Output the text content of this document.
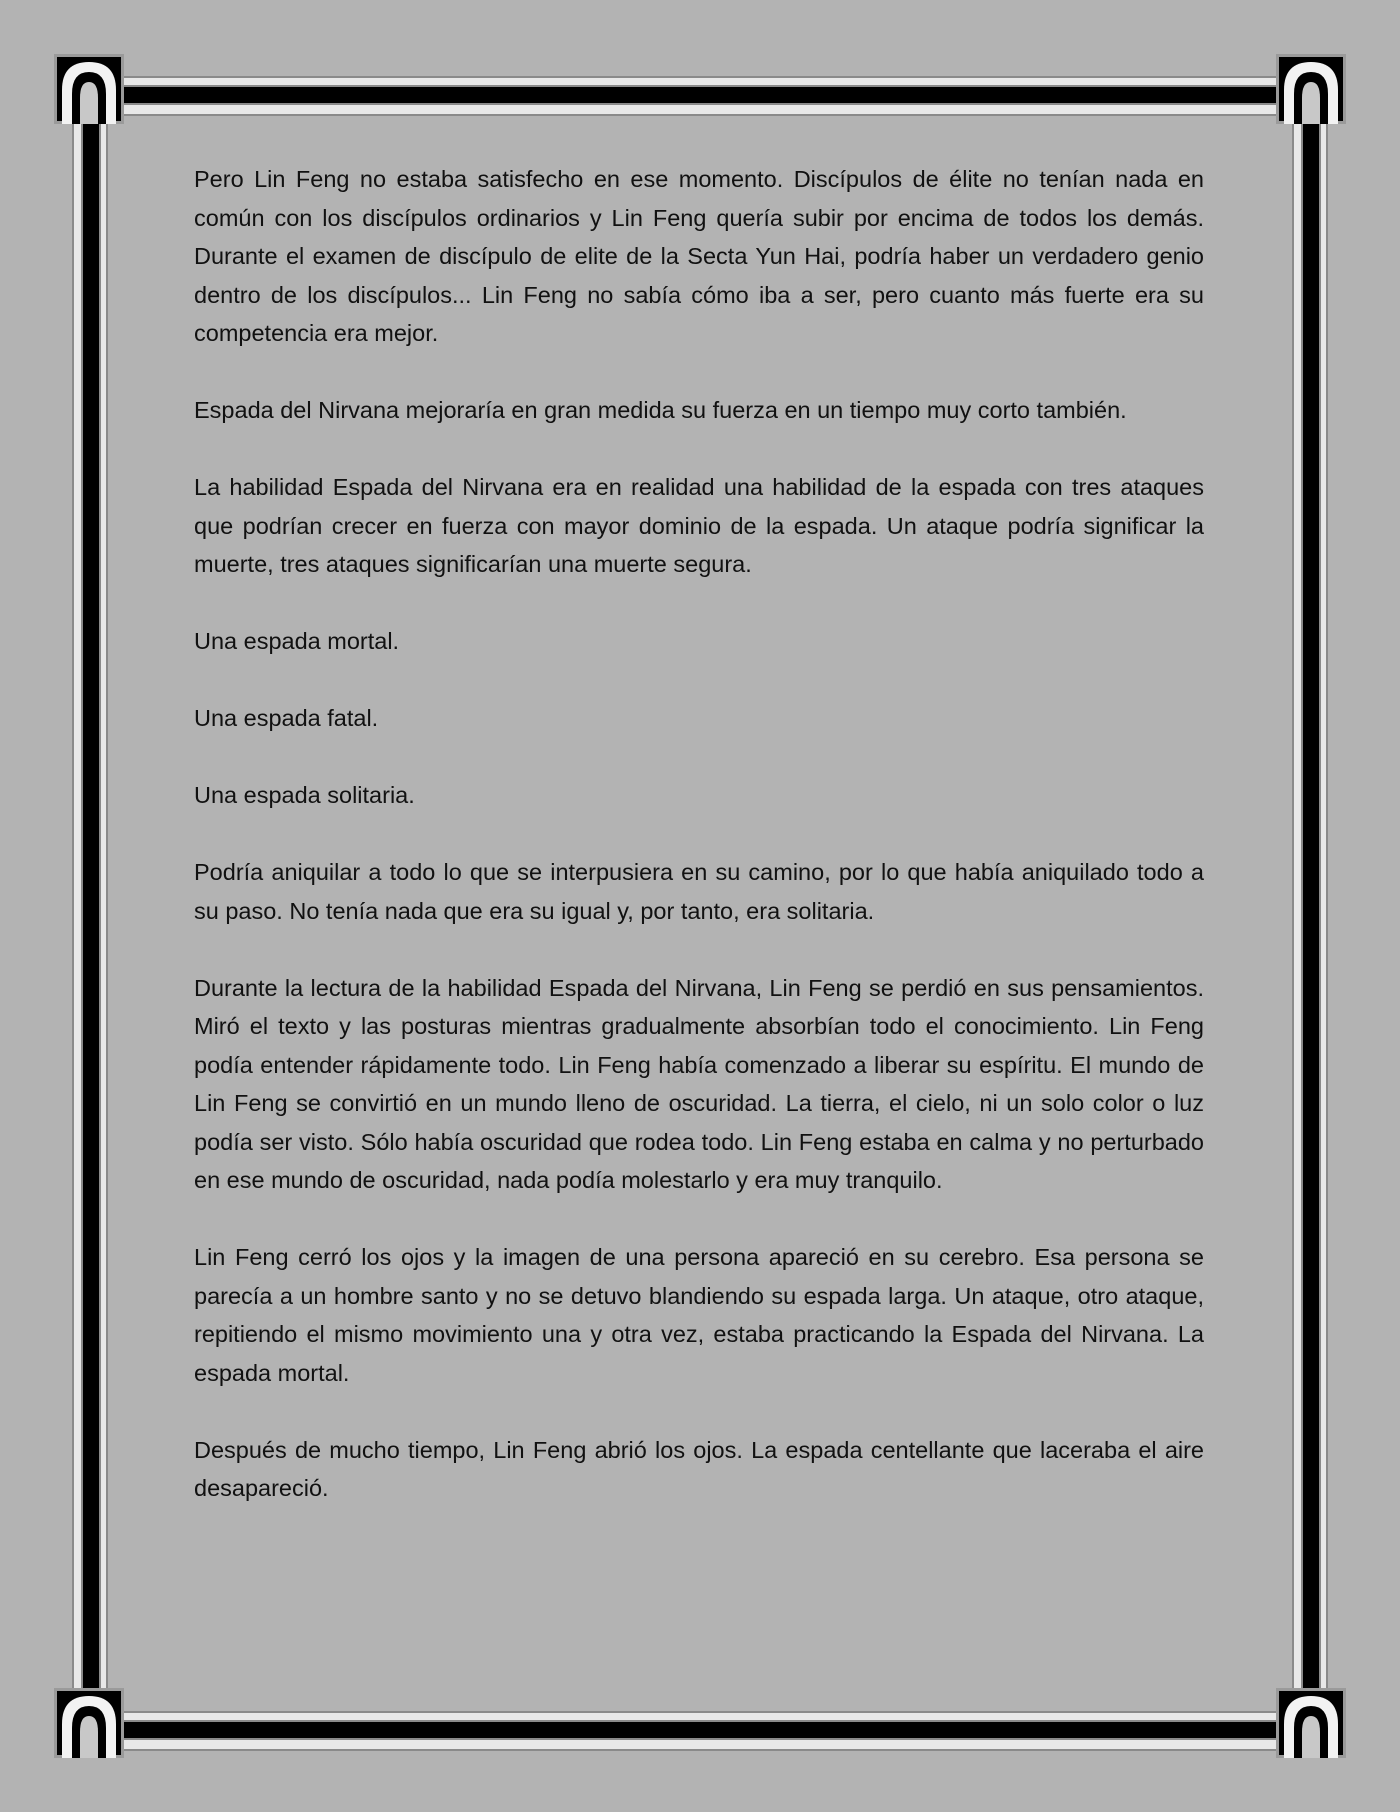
Pero Lin Feng no estaba satisfecho en ese momento. Discípulos de élite no tenían nada en común con los discípulos ordinarios y Lin Feng quería subir por encima de todos los demás. Durante el examen de discípulo de elite de la Secta Yun Hai, podría haber un verdadero genio dentro de los discípulos... Lin Feng no sabía cómo iba a ser, pero cuanto más fuerte era su competencia era mejor.

Espada del Nirvana mejoraría en gran medida su fuerza en un tiempo muy corto también.

La habilidad Espada del Nirvana era en realidad una habilidad de la espada con tres ataques que podrían crecer en fuerza con mayor dominio de la espada. Un ataque podría significar la muerte, tres ataques significarían una muerte segura.

Una espada mortal.

Una espada fatal.

Una espada solitaria.

Podría aniquilar a todo lo que se interpusiera en su camino, por lo que había aniquilado todo a su paso. No tenía nada que era su igual y, por tanto, era solitaria.

Durante la lectura de la habilidad Espada del Nirvana, Lin Feng se perdió en sus pensamientos. Miró el texto y las posturas mientras gradualmente absorbían todo el conocimiento. Lin Feng podía entender rápidamente todo. Lin Feng había comenzado a liberar su espíritu. El mundo de Lin Feng se convirtió en un mundo lleno de oscuridad. La tierra, el cielo, ni un solo color o luz podía ser visto. Sólo había oscuridad que rodea todo. Lin Feng estaba en calma y no perturbado en ese mundo de oscuridad, nada podía molestarlo y era muy tranquilo.

Lin Feng cerró los ojos y la imagen de una persona apareció en su cerebro. Esa persona se parecía a un hombre santo y no se detuvo blandiendo su espada larga. Un ataque, otro ataque, repitiendo el mismo movimiento una y otra vez, estaba practicando la Espada del Nirvana. La espada mortal.

Después de mucho tiempo, Lin Feng abrió los ojos. La espada centellante que laceraba el aire desapareció.
